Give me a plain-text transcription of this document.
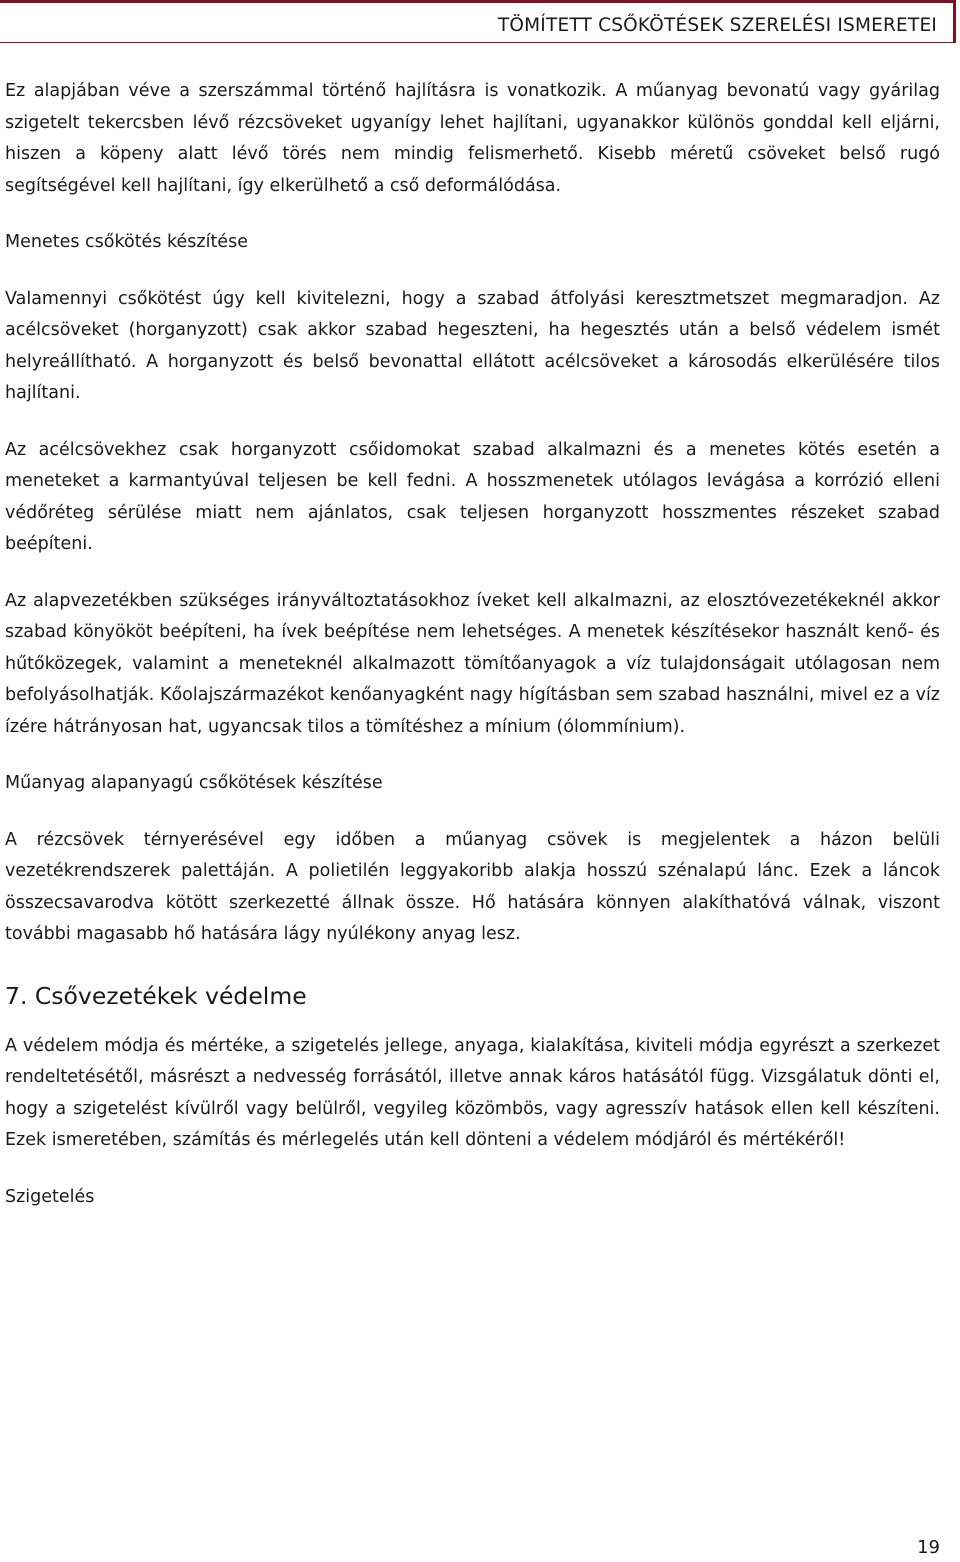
TÖMÍTETT CSŐKÖTÉSEK SZERELÉSI ISMERETEI

Ez alapjában véve a szerszámmal történő hajlításra is vonatkozik. A műanyag bevonatú vagy gyárilag szigetelt tekercsben lévő rézcsöveket ugyanígy lehet hajlítani, ugyanakkor különös gonddal kell eljárni, hiszen a köpeny alatt lévő törés nem mindig felismerhető. Kisebb méretű csöveket belső rugó segítségével kell hajlítani, így elkerülhető a cső deformálódása.

Menetes csőkötés készítése

Valamennyi csőkötést úgy kell kivitelezni, hogy a szabad átfolyási keresztmetszet megmaradjon. Az acélcsöveket (horganyzott) csak akkor szabad hegeszteni, ha hegesztés után a belső védelem ismét helyreállítható. A horganyzott és belső bevonattal ellátott acélcsöveket a károsodás elkerülésére tilos hajlítani.

Az acélcsövekhez csak horganyzott csőidomokat szabad alkalmazni és a menetes kötés esetén a meneteket a karmantyúval teljesen be kell fedni. A hosszmenetek utólagos levágása a korrózió elleni védőréteg sérülése miatt nem ajánlatos, csak teljesen horganyzott hosszmentes részeket szabad beépíteni.

Az alapvezetékben szükséges irányváltoztatásokhoz íveket kell alkalmazni, az elosztóvezetékeknél akkor szabad könyököt beépíteni, ha ívek beépítése nem lehetséges. A menetek készítésekor használt kenő- és hűtőközegek, valamint a meneteknél alkalmazott tömítőanyagok a víz tulajdonságait utólagosan nem befolyásolhatják. Kőolajszármazékot kenőanyagként nagy hígításban sem szabad használni, mivel ez a víz ízére hátrányosan hat, ugyancsak tilos a tömítéshez a mínium (ólommínium).

Műanyag alapanyagú csőkötések készítése

A rézcsövek térnyerésével egy időben a műanyag csövek is megjelentek a házon belüli vezetékrendszerek palettáján. A polietilén leggyakoribb alakja hosszú szénalapú lánc. Ezek a láncok összecsavarodva kötött szerkezetté állnak össze. Hő hatására könnyen alakíthatóvá válnak, viszont további magasabb hő hatására lágy nyúlékony anyag lesz.

7. Csővezetékek védelme

A védelem módja és mértéke, a szigetelés jellege, anyaga, kialakítása, kiviteli módja egyrészt a szerkezet rendeltetésétől, másrészt a nedvesség forrásától, illetve annak káros hatásától függ. Vizsgálatuk dönti el, hogy a szigetelést kívülről vagy belülről, vegyileg közömbös, vagy agresszív hatások ellen kell készíteni. Ezek ismeretében, számítás és mérlegelés után kell dönteni a védelem módjáról és mértékéről!

Szigetelés
19
